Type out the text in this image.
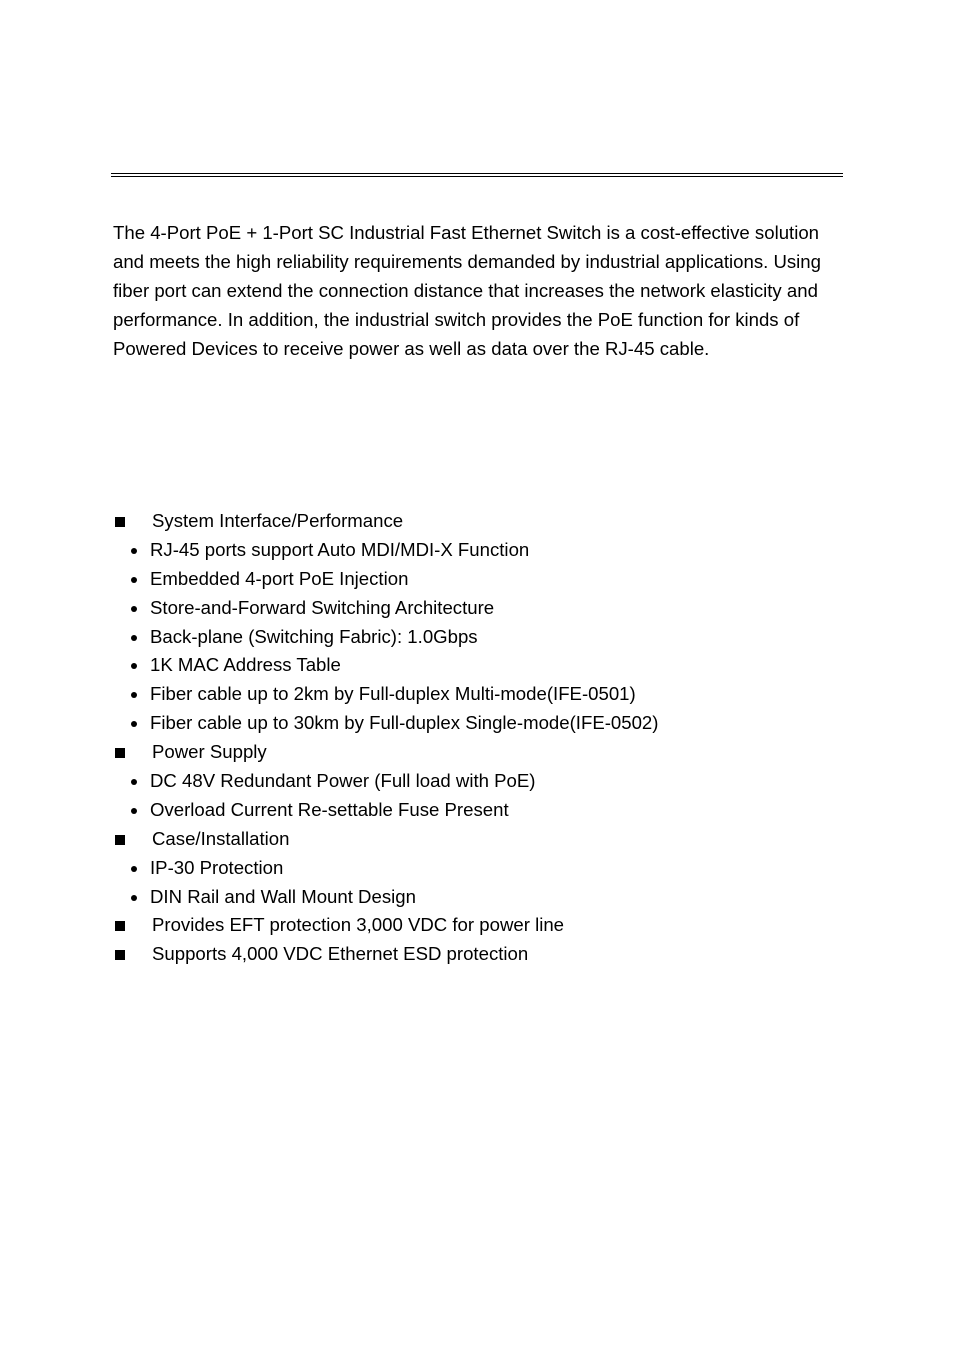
The 4-Port PoE + 1-Port SC Industrial Fast Ethernet Switch is a cost-effective solution
and meets the high reliability requirements demanded by industrial applications. Using
fiber port can extend the connection distance that increases the network elasticity and
performance. In addition, the industrial switch provides the PoE function for kinds of
Powered Devices to receive power as well as data over the RJ-45 cable.

System Interface/Performance
RJ-45 ports support Auto MDI/MDI-X Function
Embedded 4-port PoE Injection
Store-and-Forward Switching Architecture
Back-plane (Switching Fabric): 1.0Gbps
1K MAC Address Table
Fiber cable up to 2km by Full-duplex Multi-mode(IFE-0501)
Fiber cable up to 30km by Full-duplex Single-mode(IFE-0502)
Power Supply
DC 48V Redundant Power (Full load with PoE)
Overload Current Re-settable Fuse Present
Case/Installation
IP-30 Protection
DIN Rail and Wall Mount Design
Provides EFT protection 3,000 VDC for power line
Supports 4,000 VDC Ethernet ESD protection
